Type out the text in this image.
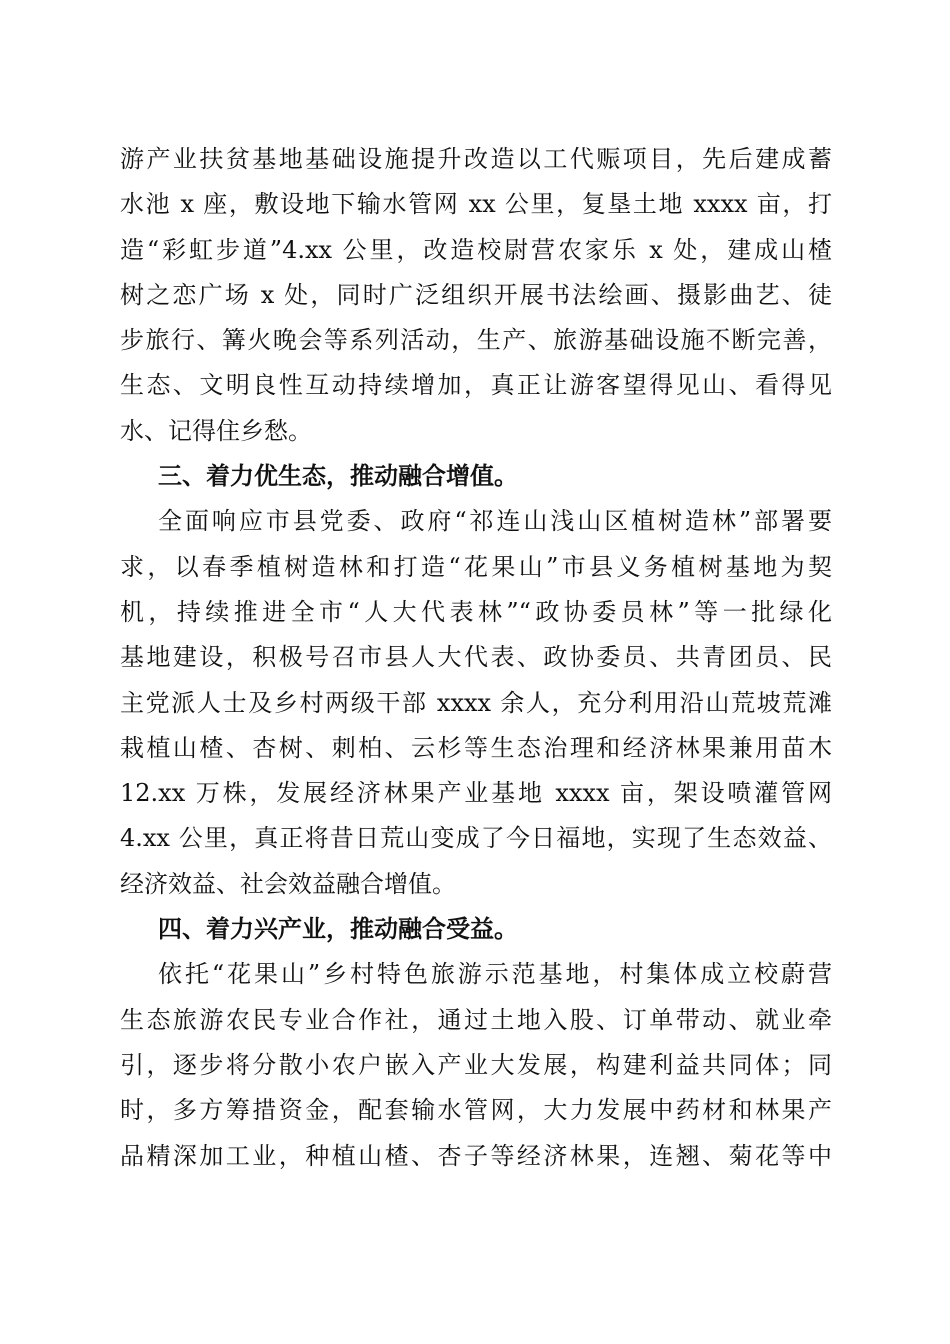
游产业扶贫基地基础设施提升改造以工代赈项目，先后建成蓄
水池 x 座，敷设地下输水管网 xx 公里，复垦土地 xxxx 亩，打
造“彩虹步道”4.xx 公里，改造校尉营农家乐 x 处，建成山楂
树之恋广场 x 处，同时广泛组织开展书法绘画、摄影曲艺、徒
步旅行、篝火晚会等系列活动，生产、旅游基础设施不断完善，
生态、文明良性互动持续增加，真正让游客望得见山、看得见
水、记得住乡愁。
三、着力优生态，推动融合增值。
全面响应市县党委、政府“祁连山浅山区植树造林”部署要
求，以春季植树造林和打造“花果山”市县义务植树基地为契
机，持续推进全市“人大代表林”“政协委员林”等一批绿化
基地建设，积极号召市县人大代表、政协委员、共青团员、民
主党派人士及乡村两级干部 xxxx 余人，充分利用沿山荒坡荒滩
栽植山楂、杏树、刺柏、云杉等生态治理和经济林果兼用苗木
12.xx 万株，发展经济林果产业基地 xxxx 亩，架设喷灌管网
4.xx 公里，真正将昔日荒山变成了今日福地，实现了生态效益、
经济效益、社会效益融合增值。
四、着力兴产业，推动融合受益。
依托“花果山”乡村特色旅游示范基地，村集体成立校蔚营
生态旅游农民专业合作社，通过土地入股、订单带动、就业牵
引，逐步将分散小农户嵌入产业大发展，构建利益共同体；同
时，多方筹措资金，配套输水管网，大力发展中药材和林果产
品精深加工业，种植山楂、杏子等经济林果，连翘、菊花等中
